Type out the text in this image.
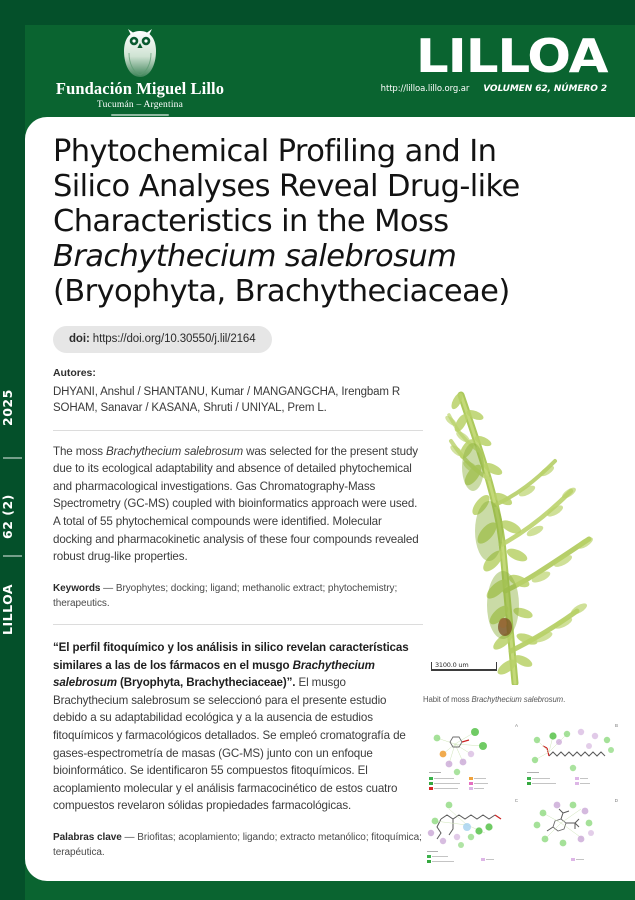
2025
62 (2)
LILLOA
Fundación Miguel Lillo
Tucumán – Argentina
LILLOA
http://lilloa.lillo.org.ar VOLUMEN 62, NÚMERO 2
Phytochemical Profiling and In
Silico Analyses Reveal Drug-like
Characteristics in the Moss
Brachythecium salebrosum
(Bryophyta, Brachytheciaceae)
doi: https://doi.org/10.30550/j.lil/2164
Autores:
DHYANI, Anshul / SHANTANU, Kumar / MANGANGCHA, Irengbam R
SOHAM, Sanavar / KASANA, Shruti / UNIYAL, Prem L.

The moss Brachythecium salebrosum was selected for the present study due to its ecological adaptability and absence of detailed phytochemical and pharmacological investigations. Gas Chromatography-Mass Spectrometry (GC-MS) coupled with bioinformatics approach were used. A total of 55 phytochemical compounds were identified. Molecular docking and pharmacokinetic analysis of these four compounds revealed robust drug-like properties.

Keywords — Bryophytes; docking; ligand; methanolic extract; phytochemistry; therapeutics.

“El perfil fitoquímico y los análisis in silico revelan características similares a las de los fármacos en el musgo Brachythecium salebrosum (Bryophyta, Brachytheciaceae)”. El musgo Brachythecium salebrosum se seleccionó para el presente estudio debido a su adaptabilidad ecológica y a la ausencia de estudios fitoquímicos y farmacológicos detallados. Se empleó cromatografía de gases-espectrometría de masas (GC-MS) junto con un enfoque bioinformático. Se identificaron 55 compuestos fitoquímicos. El acoplamiento molecular y el análisis farmacocinético de estos cuatro compuestos revelaron sólidas propiedades farmacológicas.

Palabras clave — Briofitas; acoplamiento; ligando; extracto metanólico; fitoquímica; terapéutica.

3100.0 um
Habit of moss Brachythecium salebrosum.
A	B
C	D
